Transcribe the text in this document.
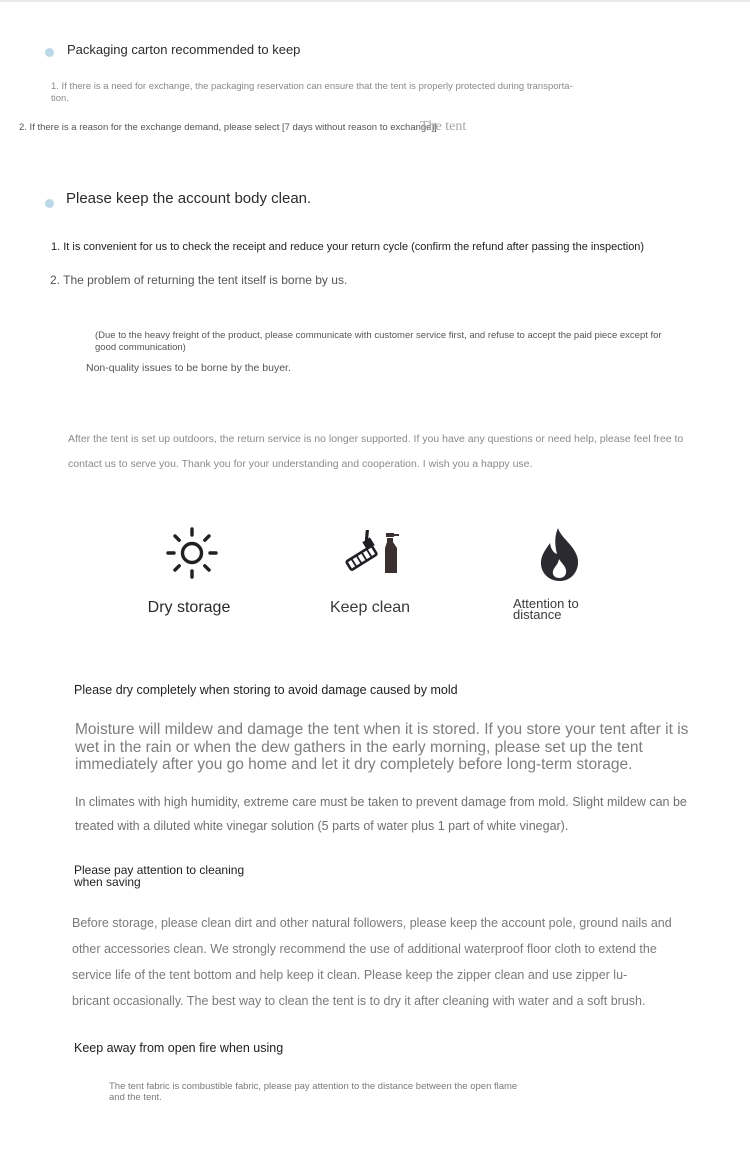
Packaging carton recommended to keep
1. If there is a need for exchange, the packaging reservation can ensure that the tent is properly protected during transporta-
tion.
2. If there is a reason for the exchange demand, please select [7 days without reason to exchange]]
The tent
Please keep the account body clean.
1. It is convenient for us to check the receipt and reduce your return cycle (confirm the refund after passing the inspection)
2. The problem of returning the tent itself is borne by us.
(Due to the heavy freight of the product, please communicate with customer service first, and refuse to accept the paid piece except for good communication)
Non-quality issues to be borne by the buyer.
After the tent is set up outdoors, the return service is no longer supported. If you have any questions or need help, please feel free to contact us to serve you. Thank you for your understanding and cooperation. I wish you a happy use.
Dry storage	Keep clean	Attention to
distance
Please dry completely when storing to avoid damage caused by mold
Moisture will mildew and damage the tent when it is stored. If you store your tent after it is wet in the rain or when the dew gathers in the early morning, please set up the tent immediately after you go home and let it dry completely before long-term storage.
In climates with high humidity, extreme care must be taken to prevent damage from mold. Slight mildew can be treated with a diluted white vinegar solution (5 parts of water plus 1 part of white vinegar).
Please pay attention to cleaning
when saving
Before storage, please clean dirt and other natural followers, please keep the account pole, ground nails and other accessories clean. We strongly recommend the use of additional waterproof floor cloth to extend the service life of the tent bottom and help keep it clean. Please keep the zipper clean and use zipper lu-
bricant occasionally. The best way to clean the tent is to dry it after cleaning with water and a soft brush.
Keep away from open fire when using
The tent fabric is combustible fabric, please pay attention to the distance between the open flame and the tent.
